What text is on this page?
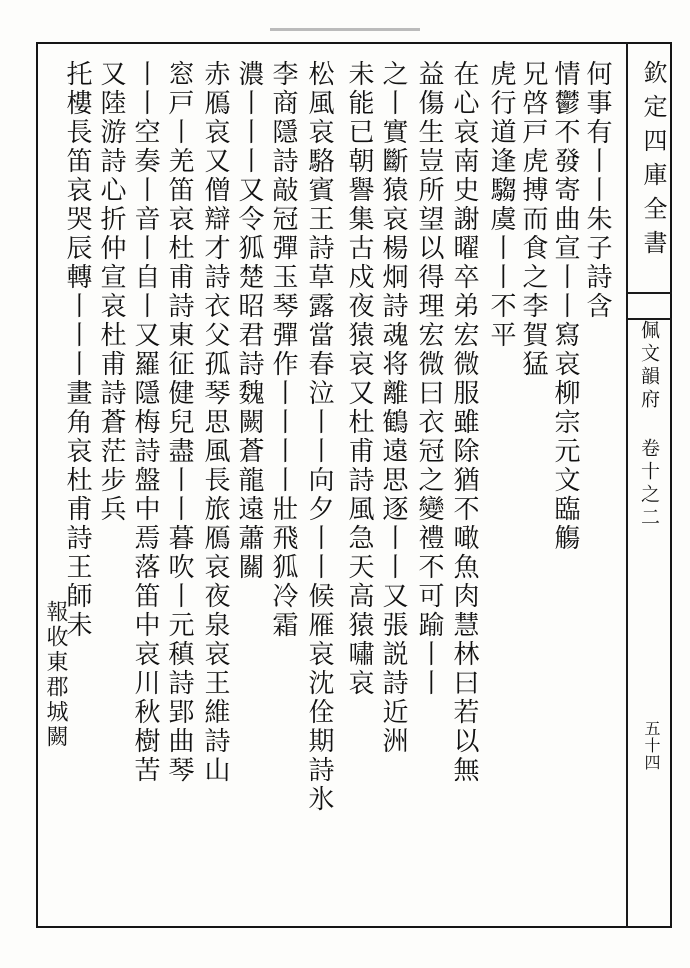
欽定四庫全書
佩文韻府 卷十之二
五十四
何事有丨丨朱子詩含
情鬱不發寄曲宣丨丨寫哀柳宗元文臨觴
兄啓戸虎搏而食之李賀猛
虎行道逢騶虞丨丨不平
在心哀南史謝曜卒弟宏微服雖除猶不噉魚肉慧林曰若以無
益傷生豈所望以得理宏微曰衣冠之變禮不可踰丨丨
之丨實斷猿哀楊炯詩魂将離鶴遠思逐丨丨又張説詩近洲
未能已朝譽集古戍夜猿哀又杜甫詩風急天高猿嘯哀
松風哀駱賓王詩草露當春泣丨丨向夕丨丨候雁哀沈佺期詩氷
李商隱詩敲冠彈玉琴彈作丨丨丨丨壯飛狐冷霜
濃丨丨丨又令狐楚昭君詩魏闕蒼龍遠蕭關
赤鴈哀又僧辯才詩衣父孤琴思風長旅鴈哀夜泉哀王維詩山
窓戸丨羌笛哀杜甫詩東征健兒盡丨丨暮吹丨元稹詩郢曲琴
丨丨空奏丨音丨自丨又羅隱梅詩盤中焉落笛中哀川秋樹苦
又陸游詩心折仲宣哀杜甫詩蒼茫步兵
托樓長笛哀哭辰轉丨丨丨畫角哀杜甫詩王師未
報收東郡城闕
